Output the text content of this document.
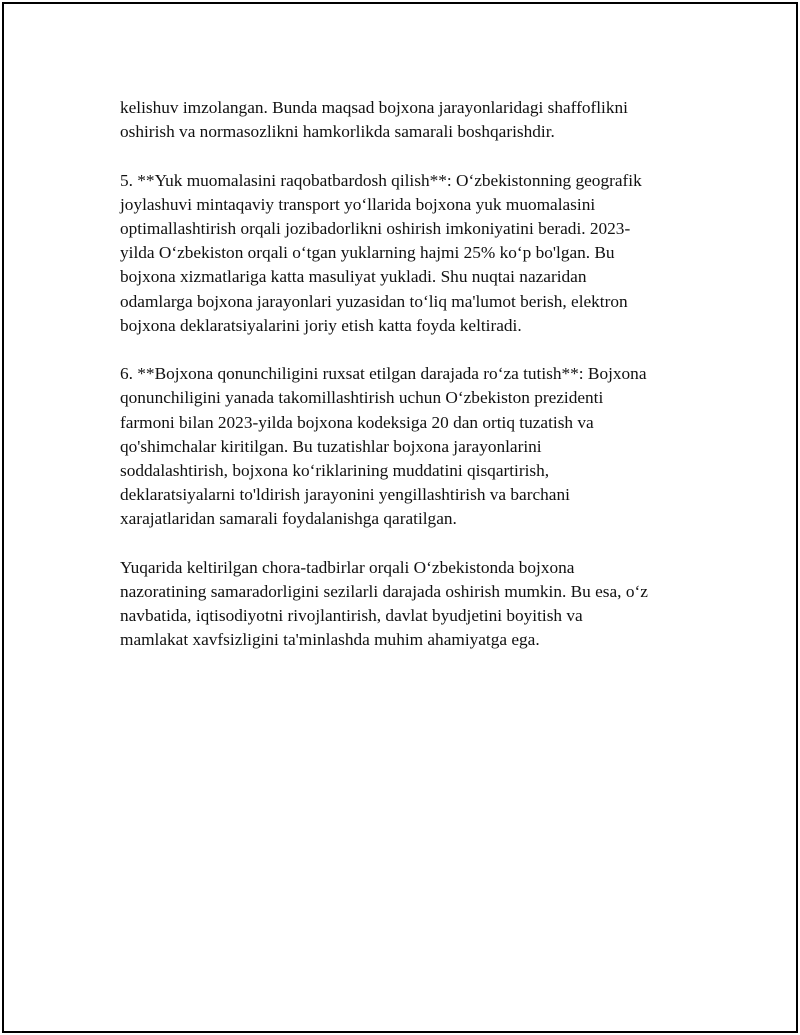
kelishuv imzolangan. Bunda maqsad bojxona jarayonlaridagi shaffoflikni
oshirish va normasozlikni hamkorlikda samarali boshqarishdir.
5. **Yuk muomalasini raqobatbardosh qilish**: O‘zbekistonning geografik
joylashuvi mintaqaviy transport yo‘llarida bojxona yuk muomalasini
optimallashtirish orqali jozibadorlikni oshirish imkoniyatini beradi. 2023-
yilda O‘zbekiston orqali o‘tgan yuklarning hajmi 25% ko‘p bo'lgan. Bu
bojxona xizmatlariga katta masuliyat yukladi. Shu nuqtai nazaridan
odamlarga bojxona jarayonlari yuzasidan to‘liq ma'lumot berish, elektron
bojxona deklaratsiyalarini joriy etish katta foyda keltiradi.
6. **Bojxona qonunchiligini ruxsat etilgan darajada ro‘za tutish**: Bojxona
qonunchiligini yanada takomillashtirish uchun O‘zbekiston prezidenti
farmoni bilan 2023-yilda bojxona kodeksiga 20 dan ortiq tuzatish va
qo'shimchalar kiritilgan. Bu tuzatishlar bojxona jarayonlarini
soddalashtirish, bojxona ko‘riklarining muddatini qisqartirish,
deklaratsiyalarni to'ldirish jarayonini yengillashtirish va barchani
xarajatlaridan samarali foydalanishga qaratilgan.
Yuqarida keltirilgan chora-tadbirlar orqali O‘zbekistonda bojxona
nazoratining samaradorligini sezilarli darajada oshirish mumkin. Bu esa, o‘z
navbatida, iqtisodiyotni rivojlantirish, davlat byudjetini boyitish va
mamlakat xavfsizligini ta'minlashda muhim ahamiyatga ega.
